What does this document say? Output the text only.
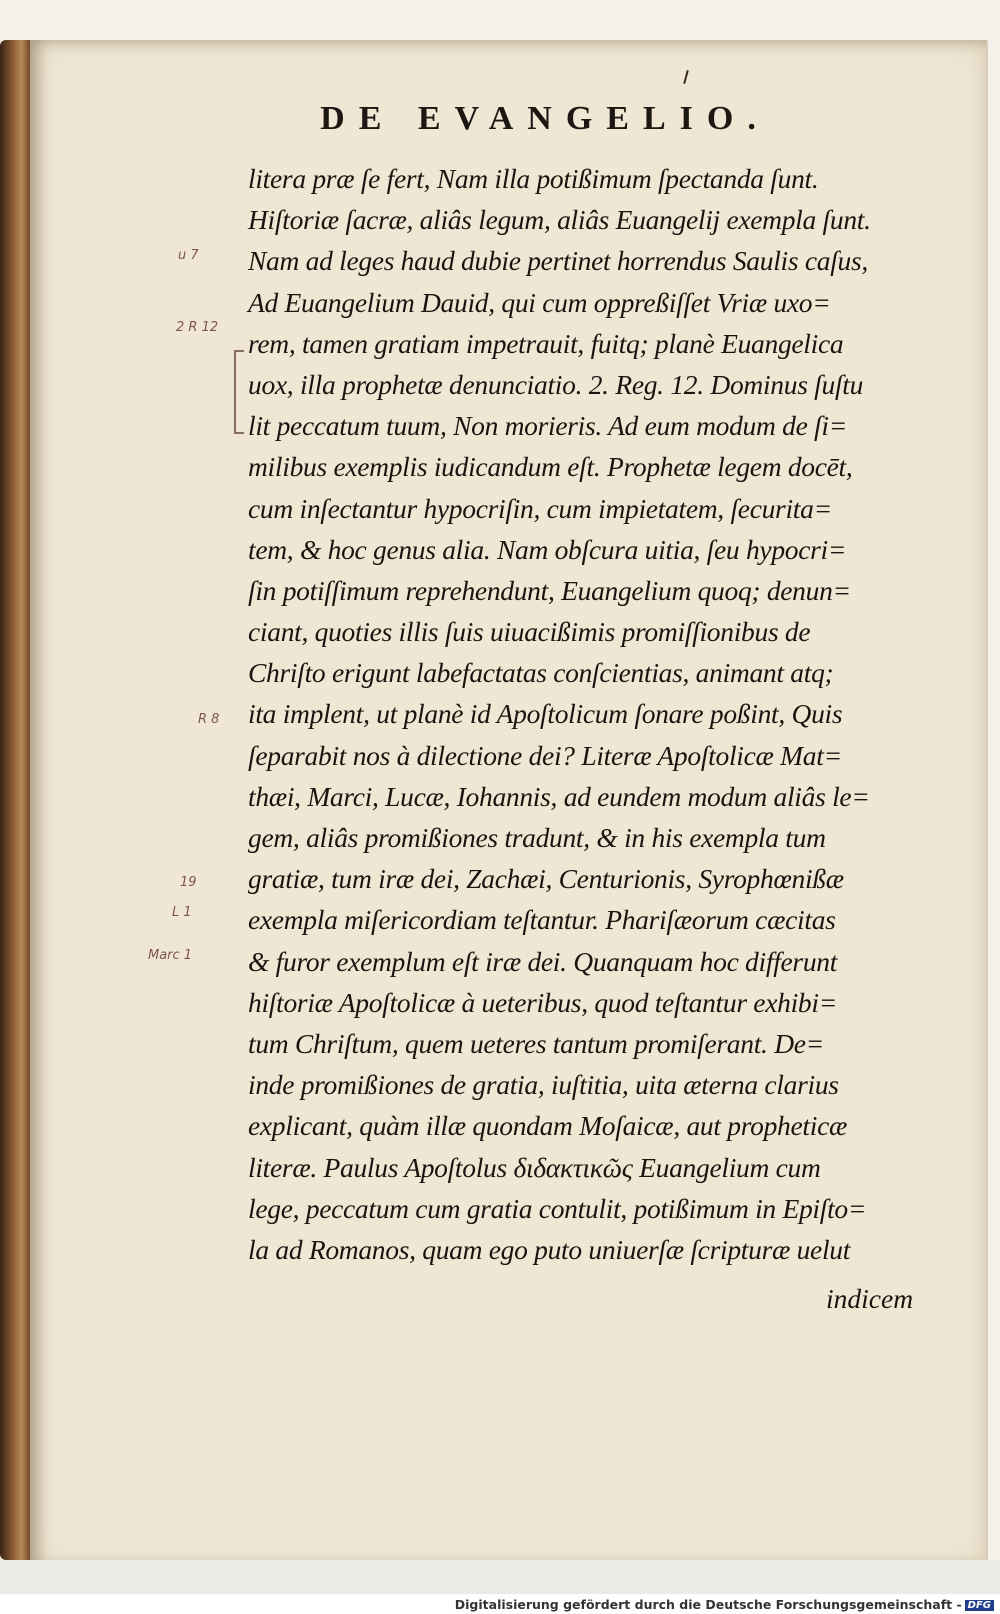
DE EVANGELIO.
litera præ ſe fert, Nam illa potißimum ſpectanda ſunt.
Hiſtoriæ ſacræ, aliâs legum, aliâs Euangelij exempla ſunt.
Nam ad leges haud dubie pertinet horrendus Saulis caſus,
Ad Euangelium Dauid, qui cum oppreßiſſet Vriæ uxo=
rem, tamen gratiam impetrauit, fuitq; planè Euangelica
uox, illa prophetæ denunciatio. 2. Reg. 12. Dominus ſuſtu
lit peccatum tuum, Non morieris. Ad eum modum de ſi=
milibus exemplis iudicandum eſt. Prophetæ legem docēt,
cum inſectantur hypocriſin, cum impietatem, ſecurita=
tem, & hoc genus alia. Nam obſcura uitia, ſeu hypocri=
ſin potiſſimum reprehendunt, Euangelium quoq; denun=
ciant, quoties illis ſuis uiuacißimis promiſſionibus de
Chriſto erigunt labefactatas conſcientias, animant atq;
ita implent, ut planè id Apoſtolicum ſonare poßint, Quis
ſeparabit nos à dilectione dei? Literæ Apoſtolicæ Mat=
thæi, Marci, Lucæ, Iohannis, ad eundem modum aliâs le=
gem, aliâs promißiones tradunt, & in his exempla tum
gratiæ, tum iræ dei, Zachæi, Centurionis, Syrophœnißæ
exempla miſericordiam teſtantur. Phariſæorum cæcitas
& furor exemplum eſt iræ dei. Quanquam hoc differunt
hiſtoriæ Apoſtolicæ à ueteribus, quod teſtantur exhibi=
tum Chriſtum, quem ueteres tantum promiſerant. De=
inde promißiones de gratia, iuſtitia, uita æterna clarius
explicant, quàm illæ quondam Moſaicæ, aut propheticæ
literæ. Paulus Apoſtolus διδακτικῶς Euangelium cum
lege, peccatum cum gratia contulit, potißimum in Epiſto=
la ad Romanos, quam ego puto uniuerſæ ſcripturæ uelut
indicem
u 7
2 R 12
R 8
19
L 1
Marc 1
Digitalisierung gefördert durch die Deutsche Forschungsgemeinschaft - DFG
